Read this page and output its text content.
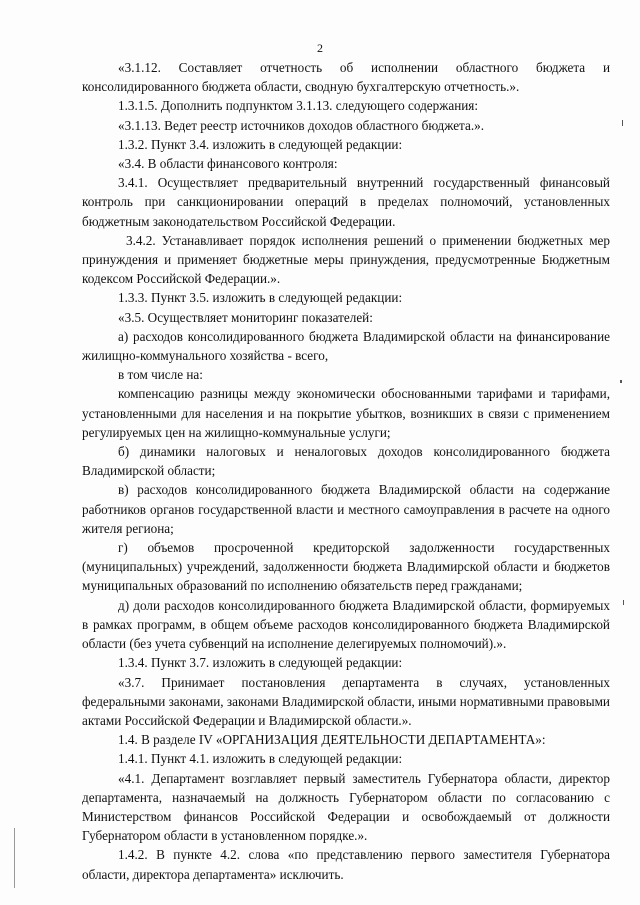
2

«3.1.12. Составляет отчетность об исполнении областного бюджета и консолидированного бюджета области, сводную бухгалтерскую отчетность.».

1.3.1.5. Дополнить подпунктом 3.1.13. следующего содержания:

«3.1.13. Ведет реестр источников доходов областного бюджета.».

1.3.2. Пункт 3.4. изложить в следующей редакции:

«3.4. В области финансового контроля:

3.4.1. Осуществляет предварительный внутренний государственный финансовый контроль при санкционировании операций в пределах полномочий, установленных бюджетным законодательством Российской Федерации.

3.4.2. Устанавливает порядок исполнения решений о применении бюджетных мер принуждения и применяет бюджетные меры принуждения, предусмотренные Бюджетным кодексом Российской Федерации.».

1.3.3. Пункт 3.5. изложить в следующей редакции:

«3.5. Осуществляет мониторинг показателей:

а) расходов консолидированного бюджета Владимирской области на финансирование жилищно-коммунального хозяйства - всего,

в том числе на:

компенсацию разницы между экономически обоснованными тарифами и тарифами, установленными для населения и на покрытие убытков, возникших в связи с применением регулируемых цен на жилищно-коммунальные услуги;

б) динамики налоговых и неналоговых доходов консолидированного бюджета Владимирской области;

в) расходов консолидированного бюджета Владимирской области на содержание работников органов государственной власти и местного самоуправления в расчете на одного жителя региона;

г) объемов просроченной кредиторской задолженности государственных (муниципальных) учреждений, задолженности бюджета Владимирской области и бюджетов муниципальных образований по исполнению обязательств перед гражданами;

д) доли расходов консолидированного бюджета Владимирской области, формируемых в рамках программ, в общем объеме расходов консолидированного бюджета Владимирской области (без учета субвенций на исполнение делегируемых полномочий).».

1.3.4. Пункт 3.7. изложить в следующей редакции:

«3.7. Принимает постановления департамента в случаях, установленных федеральными законами, законами Владимирской области, иными нормативными правовыми актами Российской Федерации и Владимирской области.».

1.4. В разделе IV «ОРГАНИЗАЦИЯ ДЕЯТЕЛЬНОСТИ ДЕПАРТАМЕНТА»:

1.4.1. Пункт 4.1. изложить в следующей редакции:

«4.1. Департамент возглавляет первый заместитель Губернатора области, директор департамента, назначаемый на должность Губернатором области по согласованию с Министерством финансов Российской Федерации и освобождаемый от должности Губернатором области в установленном порядке.».

1.4.2. В пункте 4.2. слова «по представлению первого заместителя Губернатора области, директора департамента» исключить.
